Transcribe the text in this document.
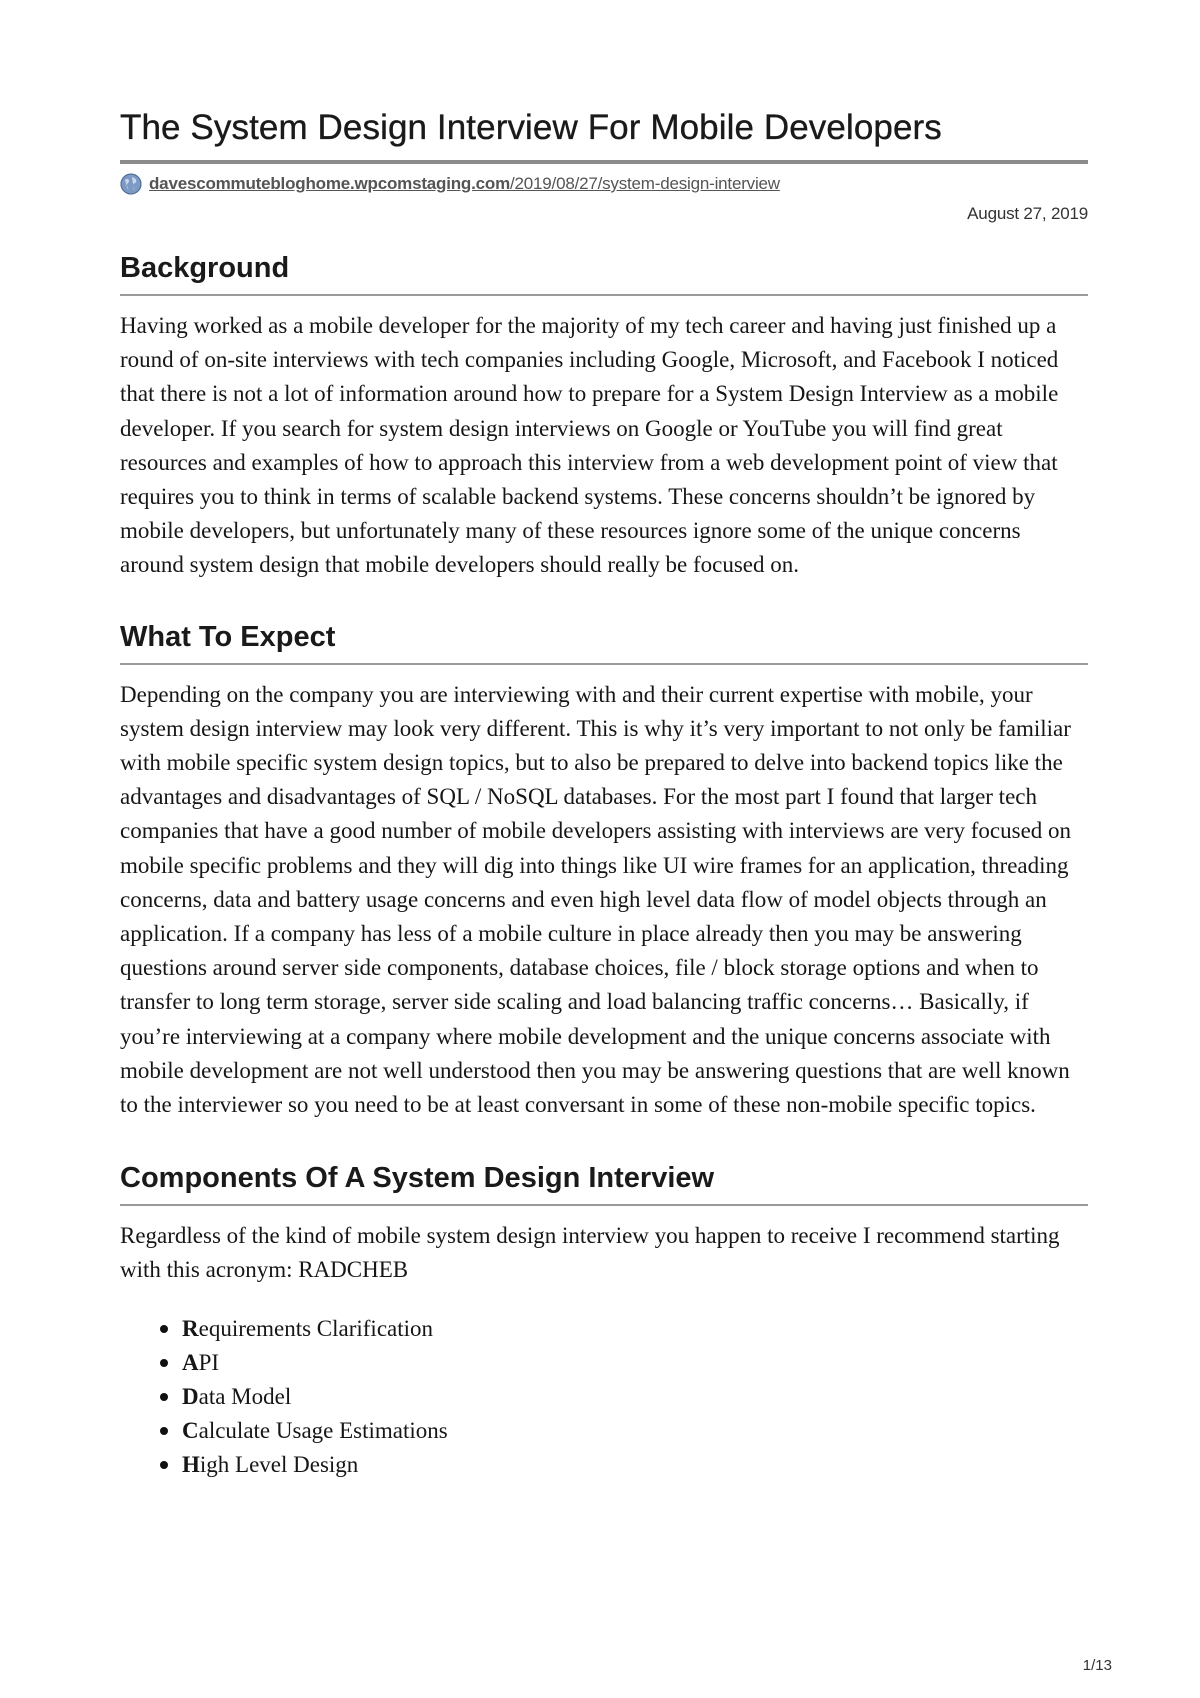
The System Design Interview For Mobile Developers
davescommutebloghome.wpcomstaging.com/2019/08/27/system-design-interview
August 27, 2019
Background

Having worked as a mobile developer for the majority of my tech career and having just finished up a round of on-site interviews with tech companies including Google, Microsoft, and Facebook I noticed that there is not a lot of information around how to prepare for a System Design Interview as a mobile developer. If you search for system design interviews on Google or YouTube you will find great resources and examples of how to approach this interview from a web development point of view that requires you to think in terms of scalable backend systems. These concerns shouldn’t be ignored by mobile developers, but unfortunately many of these resources ignore some of the unique concerns around system design that mobile developers should really be focused on.

What To Expect

Depending on the company you are interviewing with and their current expertise with mobile, your system design interview may look very different. This is why it’s very important to not only be familiar with mobile specific system design topics, but to also be prepared to delve into backend topics like the advantages and disadvantages of SQL / NoSQL databases. For the most part I found that larger tech companies that have a good number of mobile developers assisting with interviews are very focused on mobile specific problems and they will dig into things like UI wire frames for an application, threading concerns, data and battery usage concerns and even high level data flow of model objects through an application. If a company has less of a mobile culture in place already then you may be answering questions around server side components, database choices, file / block storage options and when to transfer to long term storage, server side scaling and load balancing traffic concerns… Basically, if you’re interviewing at a company where mobile development and the unique concerns associate with mobile development are not well understood then you may be answering questions that are well known to the interviewer so you need to be at least conversant in some of these non-mobile specific topics.

Components Of A System Design Interview

Regardless of the kind of mobile system design interview you happen to receive I recommend starting with this acronym: RADCHEB

Requirements Clarification
API
Data Model
Calculate Usage Estimations
High Level Design
1/13
